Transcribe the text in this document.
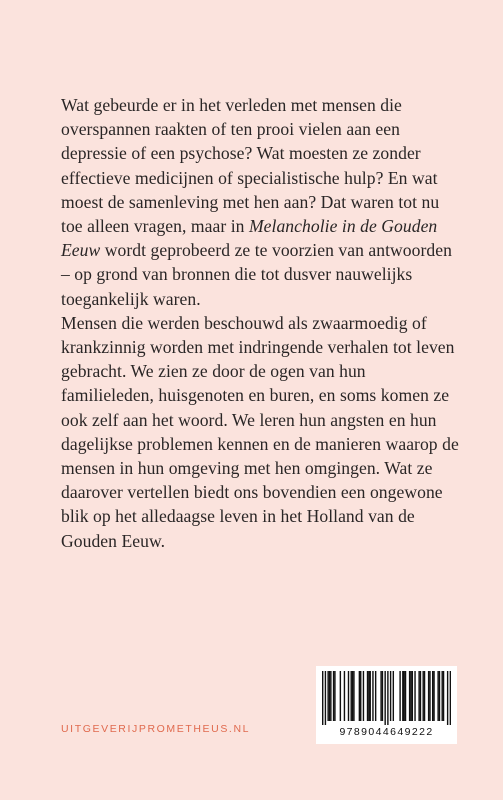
Wat gebeurde er in het verleden met mensen die overspannen raakten of ten prooi vielen aan een depressie of een psychose? Wat moesten ze zonder effectieve medicijnen of specialistische hulp? En wat moest de samenleving met hen aan? Dat waren tot nu toe alleen vragen, maar in Melancholie in de Gouden Eeuw wordt geprobeerd ze te voorzien van antwoorden – op grond van bronnen die tot dusver nauwelijks toegankelijk waren.

Mensen die werden beschouwd als zwaarmoedig of krankzinnig worden met indringende verhalen tot leven gebracht. We zien ze door de ogen van hun familieleden, huisgenoten en buren, en soms komen ze ook zelf aan het woord. We leren hun angsten en hun dagelijkse problemen kennen en de manieren waarop de mensen in hun omgeving met hen omgingen. Wat ze daarover vertellen biedt ons bovendien een ongewone blik op het alledaagse leven in het Holland van de Gouden Eeuw.

9789044649222
UITGEVERIJPROMETHEUS.NL
